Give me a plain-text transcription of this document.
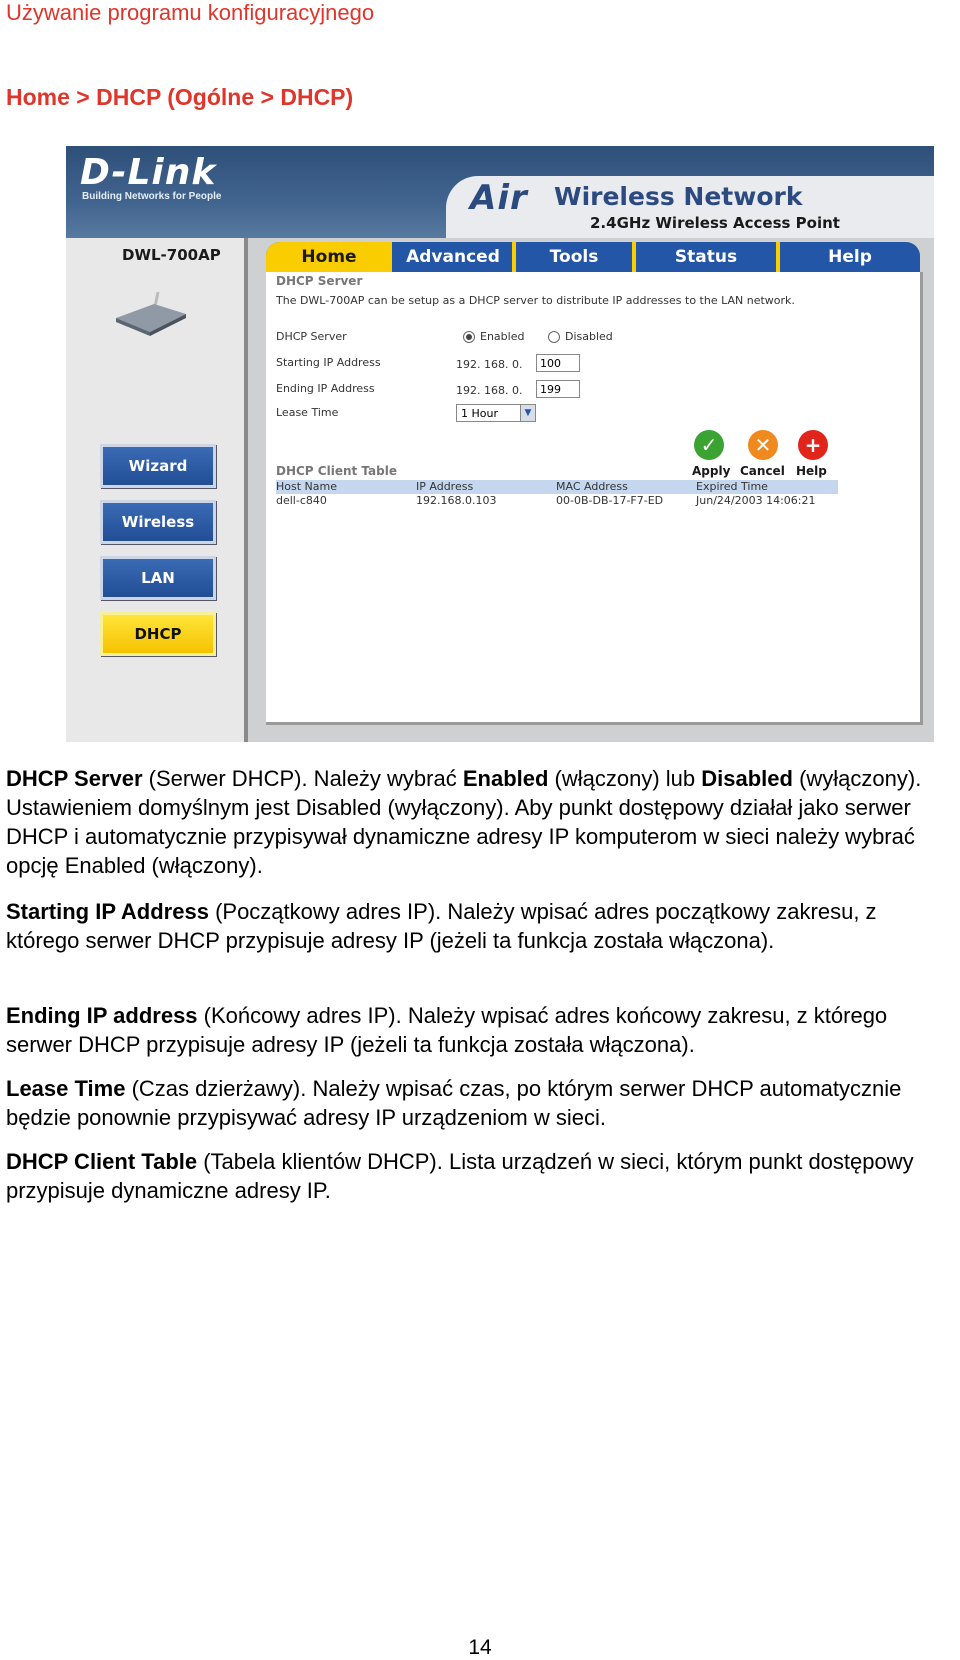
Używanie programu konfiguracyjnego
Home > DHCP (Ogólne > DHCP)
D-Link
Building Networks for People	Air Wireless Network
2.4GHz Wireless Access Point
DWL-700AP
Wizard
Wireless
LAN
DHCP
Home	Advanced	Tools	Status	Help
DHCP Server
The DWL-700AP can be setup as a DHCP server to distribute IP addresses to the LAN network.
DHCP Server	Enabled	Disabled
Starting IP Address	192. 168. 0.	100
Ending IP Address	192. 168. 0.	199
Lease Time	1 Hour	▼
✓	✕	+
Apply Cancel Help
DHCP Client Table
Host Name	IP Address	MAC Address	Expired Time
dell-c840	192.168.0.103	00-0B-DB-17-F7-ED	Jun/24/2003 14:06:21

DHCP Server (Serwer DHCP). Należy wybrać Enabled (włączony) lub Disabled (wyłączony). Ustawieniem domyślnym jest Disabled (wyłączony). Aby punkt dostępowy działał jako serwer DHCP i automatycznie przypisywał dynamiczne adresy IP komputerom w sieci należy wybrać opcję Enabled (włączony).

Starting IP Address (Początkowy adres IP). Należy wpisać adres początkowy zakresu, z którego serwer DHCP przypisuje adresy IP (jeżeli ta funkcja została włączona).

Ending IP address (Końcowy adres IP). Należy wpisać adres końcowy zakresu, z którego serwer DHCP przypisuje adresy IP (jeżeli ta funkcja została włączona).

Lease Time (Czas dzierżawy). Należy wpisać czas, po którym serwer DHCP automatycznie będzie ponownie przypisywać adresy IP urządzeniom w sieci.

DHCP Client Table (Tabela klientów DHCP). Lista urządzeń w sieci, którym punkt dostępowy przypisuje dynamiczne adresy IP.

14
